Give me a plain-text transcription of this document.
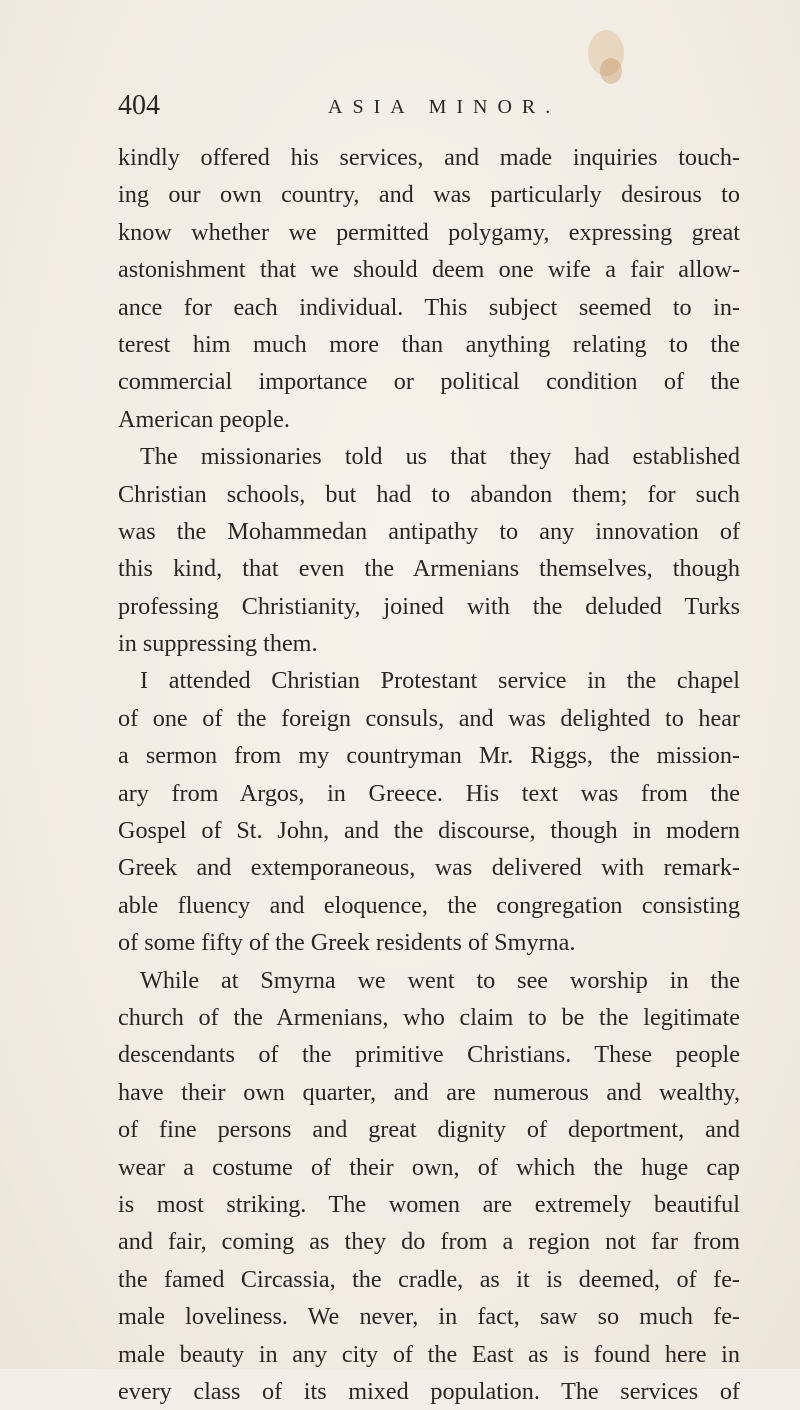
404	ASIA MINOR.
kindly offered his services, and made inquiries touch-
ing our own country, and was particularly desirous to
know whether we permitted polygamy, expressing great
astonishment that we should deem one wife a fair allow-
ance for each individual. This subject seemed to in-
terest him much more than anything relating to the
commercial importance or political condition of the
American people.
The missionaries told us that they had established
Christian schools, but had to abandon them; for such
was the Mohammedan antipathy to any innovation of
this kind, that even the Armenians themselves, though
professing Christianity, joined with the deluded Turks
in suppressing them.
I attended Christian Protestant service in the chapel
of one of the foreign consuls, and was delighted to hear
a sermon from my countryman Mr. Riggs, the mission-
ary from Argos, in Greece. His text was from the
Gospel of St. John, and the discourse, though in modern
Greek and extemporaneous, was delivered with remark-
able fluency and eloquence, the congregation consisting
of some fifty of the Greek residents of Smyrna.
While at Smyrna we went to see worship in the
church of the Armenians, who claim to be the legitimate
descendants of the primitive Christians. These people
have their own quarter, and are numerous and wealthy,
of fine persons and great dignity of deportment, and
wear a costume of their own, of which the huge cap
is most striking. The women are extremely beautiful
and fair, coming as they do from a region not far from
the famed Circassia, the cradle, as it is deemed, of fe-
male loveliness. We never, in fact, saw so much fe-
male beauty in any city of the East as is found here in
every class of its mixed population. The services of
